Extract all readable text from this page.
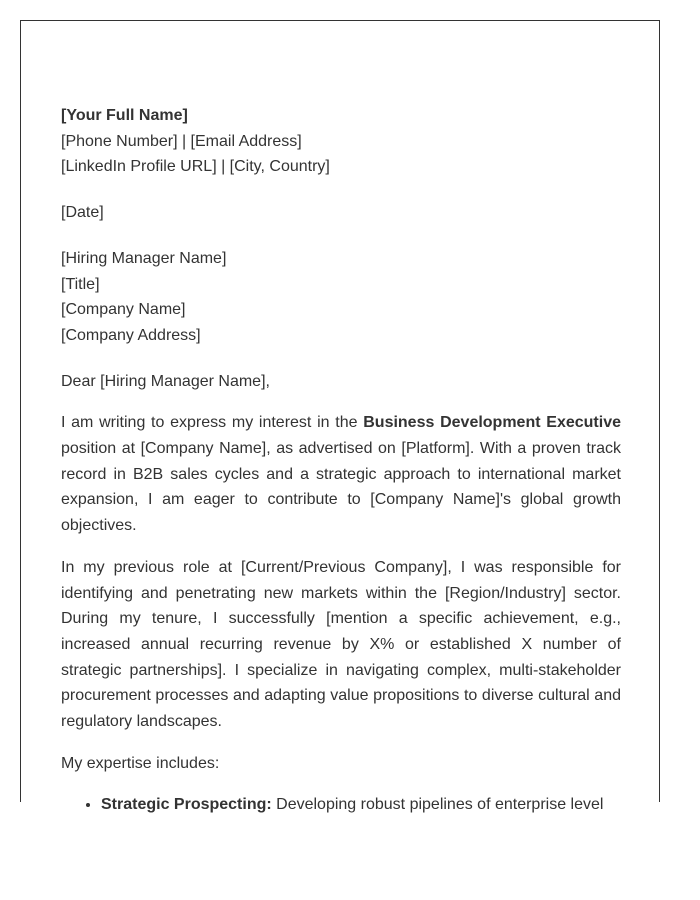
[Your Full Name]
[Phone Number] | [Email Address]
[LinkedIn Profile URL] | [City, Country]
[Date]
[Hiring Manager Name]
[Title]
[Company Name]
[Company Address]

Dear [Hiring Manager Name],

I am writing to express my interest in the Business Development Executive position at [Company Name], as advertised on [Platform]. With a proven track record in B2B sales cycles and a strategic approach to international market expansion, I am eager to contribute to [Company Name]'s global growth objectives.

In my previous role at [Current/Previous Company], I was responsible for identifying and penetrating new markets within the [Region/Industry] sector. During my tenure, I successfully [mention a specific achievement, e.g., increased annual recurring revenue by X% or established X number of strategic partnerships]. I specialize in navigating complex, multi-stakeholder procurement processes and adapting value propositions to diverse cultural and regulatory landscapes.

My expertise includes:

• Strategic Prospecting: Developing robust pipelines of enterprise level
